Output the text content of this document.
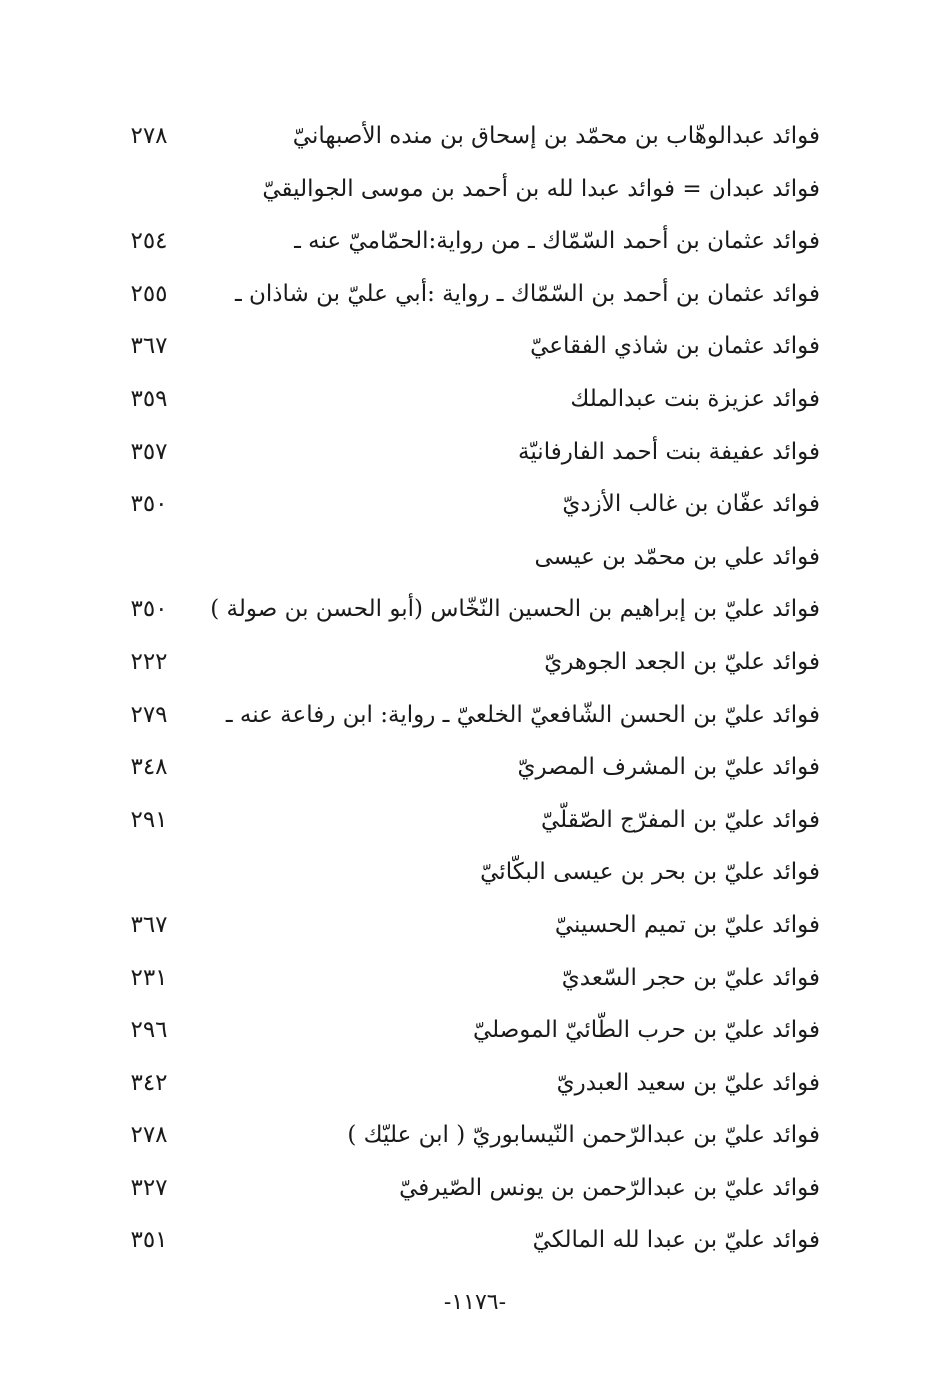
فوائد عبدالوهّاب بن محمّد بن إسحاق بن منده الأصبهانيّ
٢٧٨
فوائد عبدان = فوائد عبدا لله بن أحمد بن موسى الجواليقيّ
فوائد عثمان بن أحمد السّمّاك ـ من رواية:الحمّاميّ عنه ـ
٢٥٤
فوائد عثمان بن أحمد بن السّمّاك ـ رواية :أبي عليّ بن شاذان ـ
٢٥٥
فوائد عثمان بن شاذي الفقاعيّ
٣٦٧
فوائد عزيزة بنت عبدالملك
٣٥٩
فوائد عفيفة بنت أحمد الفارفانيّة
٣٥٧
فوائد عفّان بن غالب الأزديّ
٣٥٠
فوائد علي بن محمّد بن عيسى
فوائد عليّ بن إبراهيم بن الحسين النّخّاس (أبو الحسن بن صولة )
٣٥٠
فوائد عليّ بن الجعد الجوهريّ
٢٢٢
فوائد عليّ بن الحسن الشّافعيّ الخلعيّ ـ رواية: ابن رفاعة عنه ـ
٢٧٩
فوائد عليّ بن المشرف المصريّ
٣٤٨
فوائد عليّ بن المفرّج الصّقلّيّ
٢٩١
فوائد عليّ بن بحر بن عيسى البكّائيّ
فوائد عليّ بن تميم الحسينيّ
٣٦٧
فوائد عليّ بن حجر السّعديّ
٢٣١
فوائد عليّ بن حرب الطّائيّ الموصليّ
٢٩٦
فوائد عليّ بن سعيد العبدريّ
٣٤٢
فوائد عليّ بن عبدالرّحمن النّيسابوريّ ( ابن عليّك )
٢٧٨
فوائد عليّ بن عبدالرّحمن بن يونس الصّيرفيّ
٣٢٧
فوائد عليّ بن عبدا لله المالكيّ
٣٥١
-١١٧٦-
